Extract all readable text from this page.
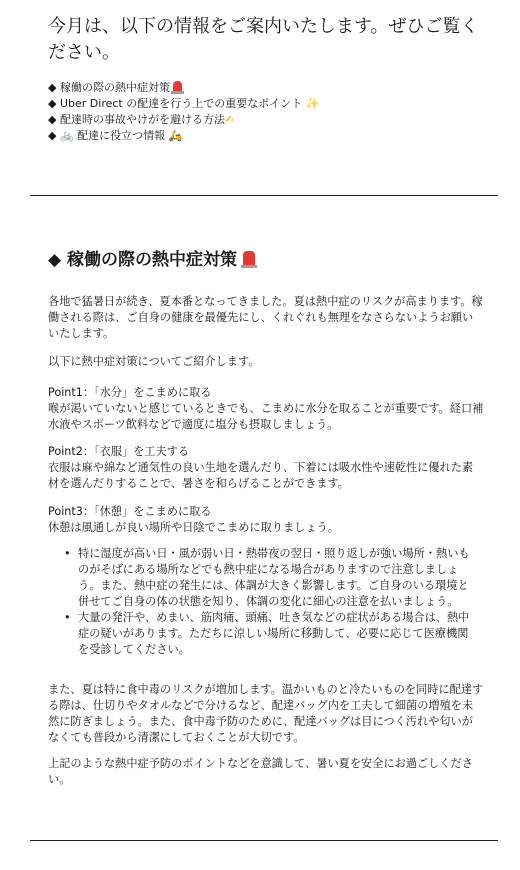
今月は、以下の情報をご案内いたします。ぜひご覧ください。

◆ 稼働の際の熱中症対策
◆ Uber Direct の配達を行う上での重要なポイント ✨
◆ 配達時の事故やけがを避ける方法✍
◆ 🚲 配達に役立つ情報 🛵
◆ 稼働の際の熱中症対策

各地で猛暑日が続き、夏本番となってきました。夏は熱中症のリスクが高まります。稼働される際は、ご自身の健康を最優先にし、くれぐれも無理をなさらないようお願いいたします。

以下に熱中症対策についてご紹介します。

Point1：「水分」をこまめに取る
喉が渇いていないと感じているときでも、こまめに水分を取ることが重要です。経口補水液やスポーツ飲料などで適度に塩分も摂取しましょう。
Point2：「衣服」を工夫する
衣服は麻や綿など通気性の良い生地を選んだり、下着には吸水性や速乾性に優れた素材を選んだりすることで、暑さを和らげることができます。
Point3：「休憩」をこまめに取る
休憩は風通しが良い場所や日陰でこまめに取りましょう。
• 特に湿度が高い日・風が弱い日・熱帯夜の翌日・照り返しが強い場所・熱いものがそばにある場所などでも熱中症になる場合がありますので注意しましょう。また、熱中症の発生には、体調が大きく影響します。ご自身のいる環境と併せてご自身の体の状態を知り、体調の変化に細心の注意を払いましょう。
• 大量の発汗や、めまい、筋肉痛、頭痛、吐き気などの症状がある場合は、熱中症の疑いがあります。ただちに涼しい場所に移動して、必要に応じて医療機関を受診してください。

また、夏は特に食中毒のリスクが増加します。温かいものと冷たいものを同時に配達する際は、仕切りやタオルなどで分けるなど、配達バッグ内を工夫して細菌の増殖を未然に防ぎましょう。また、食中毒予防のために、配達バッグは目につく汚れや匂いがなくても普段から清潔にしておくことが大切です。

上記のような熱中症予防のポイントなどを意識して、暑い夏を安全にお過ごしください。
